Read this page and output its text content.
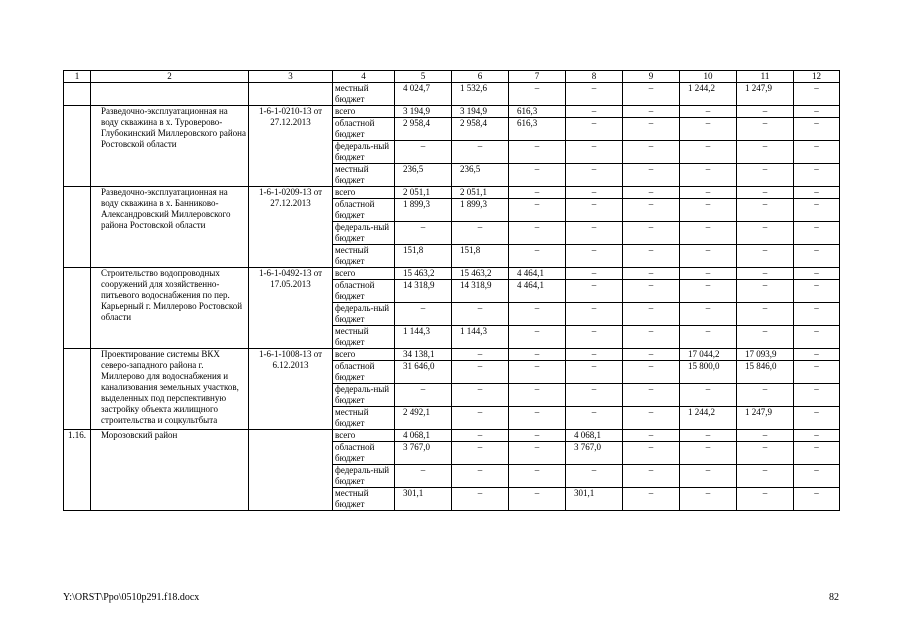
1	2	3	4	5	6	7	8	9	10	11	12
			местный бюджет	4 024,7	1 532,6	–	–	–	1 244,2	1 247,9	–
	Разведочно-эксплуатационная на воду скважина в х. Туроверово-Глубокинский Миллеровского района Ростовской области	1-6-1-0210-13 от 27.12.2013	всего	3 194,9	3 194,9	616,3	–	–	–	–	–
			областной бюджет	2 958,4	2 958,4	616,3	–	–	–	–	–
			федераль-ный бюджет	–	–	–	–	–	–	–	–
			местный бюджет	236,5	236,5	–	–	–	–	–	–
	Разведочно-эксплуатационная на воду скважина в х. Банниково-Александровский Миллеровского района Ростовской области	1-6-1-0209-13 от 27.12.2013	всего	2 051,1	2 051,1	–	–	–	–	–	–
			областной бюджет	1 899,3	1 899,3	–	–	–	–	–	–
			федераль-ный бюджет	–	–	–	–	–	–	–	–
			местный бюджет	151,8	151,8	–	–	–	–	–	–
	Строительство водопроводных сооружений для хозяйственно-питьевого водоснабжения по пер. Карьерный г. Миллерово Ростовской области	1-6-1-0492-13 от 17.05.2013	всего	15 463,2	15 463,2	4 464,1	–	–	–	–	–
			областной бюджет	14 318,9	14 318,9	4 464,1	–	–	–	–	–
			федераль-ный бюджет	–	–	–	–	–	–	–	–
			местный бюджет	1 144,3	1 144,3	–	–	–	–	–	–
	Проектирование системы ВКХ северо-западного района г. Миллерово для водоснабжения и канализования земельных участков, выделенных под перспективную застройку объекта жилищного строительства и соцкультбыта	1-6-1-1008-13 от 6.12.2013	всего	34 138,1	–	–	–	–	17 044,2	17 093,9	–
			областной бюджет	31 646,0	–	–	–	–	15 800,0	15 846,0	–
			федераль-ный бюджет	–	–	–	–	–	–	–	–
			местный бюджет	2 492,1	–	–	–	–	1 244,2	1 247,9	–
1.16.	Морозовский район		всего	4 068,1	–	–	4 068,1	–	–	–	–
			областной бюджет	3 767,0	–	–	3 767,0	–	–	–	–
			федераль-ный бюджет	–	–	–	–	–	–	–	–
			местный бюджет	301,1	–	–	301,1	–	–	–	–
Y:\ORST\Ppo\0510p291.f18.docx	82
